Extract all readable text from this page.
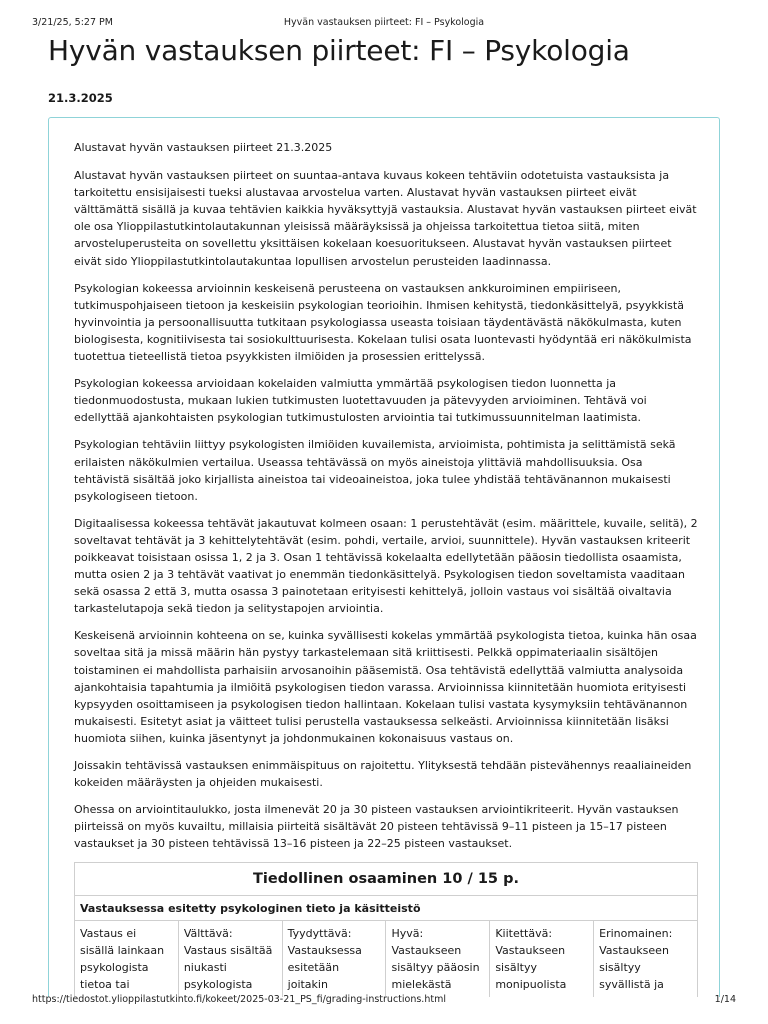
3/21/25, 5:27 PM	Hyvän vastauksen piirteet: FI – Psykologia
Hyvän vastauksen piirteet: FI – Psykologia
21.3.2025

Alustavat hyvän vastauksen piirteet 21.3.2025

Alustavat hyvän vastauksen piirteet on suuntaa-antava kuvaus kokeen tehtäviin odotetuista vastauksista ja tarkoitettu ensisijaisesti tueksi alustavaa arvostelua varten. Alustavat hyvän vastauksen piirteet eivät välttämättä sisällä ja kuvaa tehtävien kaikkia hyväksyttyjä vastauksia. Alustavat hyvän vastauksen piirteet eivät ole osa Ylioppilastutkintolautakunnan yleisissä määräyksissä ja ohjeissa tarkoitettua tietoa siitä, miten arvosteluperusteita on sovellettu yksittäisen kokelaan koesuoritukseen. Alustavat hyvän vastauksen piirteet eivät sido Ylioppilastutkintolautakuntaa lopullisen arvostelun perusteiden laadinnassa.

Psykologian kokeessa arvioinnin keskeisenä perusteena on vastauksen ankkuroiminen empiiriseen, tutkimuspohjaiseen tietoon ja keskeisiin psykologian teorioihin. Ihmisen kehitystä, tiedonkäsittelyä, psyykkistä hyvinvointia ja persoonallisuutta tutkitaan psykologiassa useasta toisiaan täydentävästä näkökulmasta, kuten biologisesta, kognitiivisesta tai sosiokulttuurisesta. Kokelaan tulisi osata luontevasti hyödyntää eri näkökulmista tuotettua tieteellistä tietoa psyykkisten ilmiöiden ja prosessien erittelyssä.

Psykologian kokeessa arvioidaan kokelaiden valmiutta ymmärtää psykologisen tiedon luonnetta ja tiedonmuodostusta, mukaan lukien tutkimusten luotettavuuden ja pätevyyden arvioiminen. Tehtävä voi edellyttää ajankohtaisten psykologian tutkimustulosten arviointia tai tutkimussuunnitelman laatimista.

Psykologian tehtäviin liittyy psykologisten ilmiöiden kuvailemista, arvioimista, pohtimista ja selittämistä sekä erilaisten näkökulmien vertailua. Useassa tehtävässä on myös aineistoja ylittäviä mahdollisuuksia. Osa tehtävistä sisältää joko kirjallista aineistoa tai videoaineistoa, joka tulee yhdistää tehtävänannon mukaisesti psykologiseen tietoon.

Digitaalisessa kokeessa tehtävät jakautuvat kolmeen osaan: 1 perustehtävät (esim. määrittele, kuvaile, selitä), 2 soveltavat tehtävät ja 3 kehittelytehtävät (esim. pohdi, vertaile, arvioi, suunnittele). Hyvän vastauksen kriteerit poikkeavat toisistaan osissa 1, 2 ja 3. Osan 1 tehtävissä kokelaalta edellytetään pääosin tiedollista osaamista, mutta osien 2 ja 3 tehtävät vaativat jo enemmän tiedonkäsittelyä. Psykologisen tiedon soveltamista vaaditaan sekä osassa 2 että 3, mutta osassa 3 painotetaan erityisesti kehittelyä, jolloin vastaus voi sisältää oivaltavia tarkastelutapoja sekä tiedon ja selitystapojen arviointia.

Keskeisenä arvioinnin kohteena on se, kuinka syvällisesti kokelas ymmärtää psykologista tietoa, kuinka hän osaa soveltaa sitä ja missä määrin hän pystyy tarkastelemaan sitä kriittisesti. Pelkkä oppimateriaalin sisältöjen toistaminen ei mahdollista parhaisiin arvosanoihin pääsemistä. Osa tehtävistä edellyttää valmiutta analysoida ajankohtaisia tapahtumia ja ilmiöitä psykologisen tiedon varassa. Arvioinnissa kiinnitetään huomiota erityisesti kypsyyden osoittamiseen ja psykologisen tiedon hallintaan. Kokelaan tulisi vastata kysymyksiin tehtävänannon mukaisesti. Esitetyt asiat ja väitteet tulisi perustella vastauksessa selkeästi. Arvioinnissa kiinnitetään lisäksi huomiota siihen, kuinka jäsentynyt ja johdonmukainen kokonaisuus vastaus on.

Joissakin tehtävissä vastauksen enimmäispituus on rajoitettu. Ylityksestä tehdään pistevähennys reaaliaineiden kokeiden määräysten ja ohjeiden mukaisesti.

Ohessa on arviointitaulukko, josta ilmenevät 20 ja 30 pisteen vastauksen arviointikriteerit. Hyvän vastauksen piirteissä on myös kuvailtu, millaisia piirteitä sisältävät 20 pisteen tehtävissä 9–11 pisteen ja 15–17 pisteen vastaukset ja 30 pisteen tehtävissä 13–16 pisteen ja 22–25 pisteen vastaukset.

Tiedollinen osaaminen 10 / 15 p.
Vastauksessa esitetty psykologinen tieto ja käsitteistö
Vastaus ei sisällä lainkaan psykologista tietoa tai	Välttävä: Vastaus sisältää niukasti psykologista	Tyydyttävä: Vastauksessa esitetään joitakin	Hyvä: Vastaukseen sisältyy pääosin mielekästä	Kiitettävä: Vastaukseen sisältyy monipuolista	Erinomainen: Vastaukseen sisältyy syvällistä ja
https://tiedostot.ylioppilastutkinto.fi/kokeet/2025-03-21_PS_fi/grading-instructions.html	1/14
